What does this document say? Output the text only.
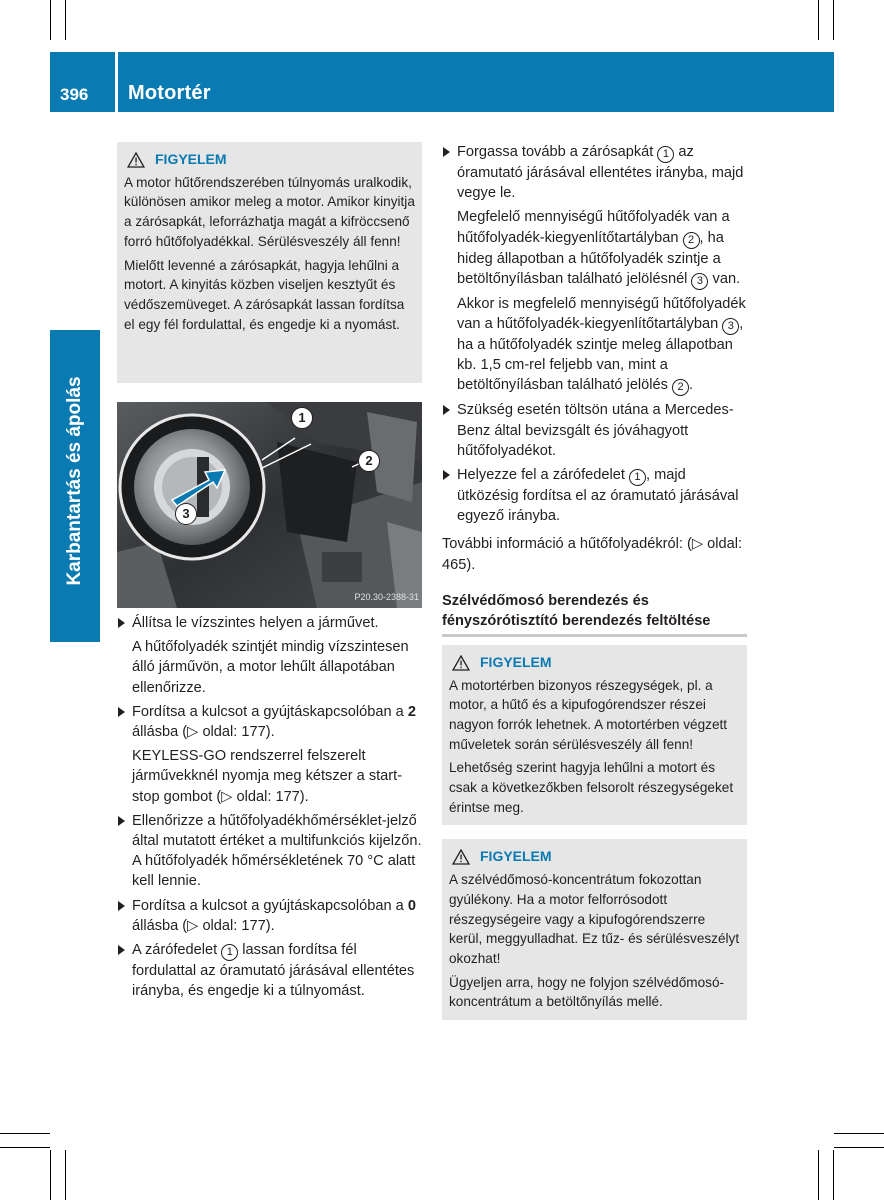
396 Motortér
Karbantartás és ápolás
FIGYELEM

A motor hűtőrendszerében túlnyomás uralkodik, különösen amikor meleg a motor. Amikor kinyitja a zárósapkát, leforrázhatja magát a kifröccsenő forró hűtőfolyadékkal. Sérülésveszély áll fenn!

Mielőtt levenné a zárósapkát, hagyja lehűlni a motort. A kinyitás közben viseljen kesztyűt és védőszemüveget. A zárósapkát lassan fordítsa el egy fél fordulattal, és engedje ki a nyomást.

1
2
3
P20.30-2388-31

Állítsa le vízszintes helyen a járművet.

A hűtőfolyadék szintjét mindig vízszintesen álló járművön, a motor lehűlt állapotában ellenőrizze.

Fordítsa a kulcsot a gyújtáskapcsolóban a 2 állásba (▷ oldal: 177).

KEYLESS-GO rendszerrel felszerelt járművekknél nyomja meg kétszer a start-stop gombot (▷ oldal: 177).

Ellenőrizze a hűtőfolyadékhőmérséklet-jelző által mutatott értéket a multifunkciós kijelzőn.

A hűtőfolyadék hőmérsékletének 70 °C alatt kell lennie.

Fordítsa a kulcsot a gyújtáskapcsolóban a 0 állásba (▷ oldal: 177).

A zárófedelet 1 lassan fordítsa fél fordulattal az óramutató járásával ellentétes irányba, és engedje ki a túlnyomást.

Forgassa tovább a zárósapkát 1 az óramutató járásával ellentétes irányba, majd vegye le.

Megfelelő mennyiségű hűtőfolyadék van a hűtőfolyadék-kiegyenlítőtartályban 2 , ha hideg állapotban a hűtőfolyadék szintje a betöltőnyílásban található jelölésnél 3 van.

Akkor is megfelelő mennyiségű hűtőfolyadék van a hűtőfolyadék-kiegyenlítőtartályban 3 , ha a hűtőfolyadék szintje meleg állapotban kb. 1,5 cm-rel feljebb van, mint a betöltőnyílásban található jelölés 2 .

Szükség esetén töltsön utána a Mercedes-Benz által bevizsgált és jóváhagyott hűtőfolyadékot.

Helyezze fel a zárófedelet 1 , majd ütközésig fordítsa el az óramutató járásával egyező irányba.

További információ a hűtőfolyadékról: (▷ oldal: 465).

Szélvédőmosó berendezés és fényszórótisztító berendezés feltöltése
FIGYELEM

A motortérben bizonyos részegységek, pl. a motor, a hűtő és a kipufogórendszer részei nagyon forrók lehetnek. A motortérben végzett műveletek során sérülésveszély áll fenn!

Lehetőség szerint hagyja lehűlni a motort és csak a következőkben felsorolt részegységeket érintse meg.

FIGYELEM

A szélvédőmosó-koncentrátum fokozottan gyúlékony. Ha a motor felforrósodott részegységeire vagy a kipufogórendszerre kerül, meggyulladhat. Ez tűz- és sérülésveszélyt okozhat!

Ügyeljen arra, hogy ne folyjon szélvédőmosó-koncentrátum a betöltőnyílás mellé.
